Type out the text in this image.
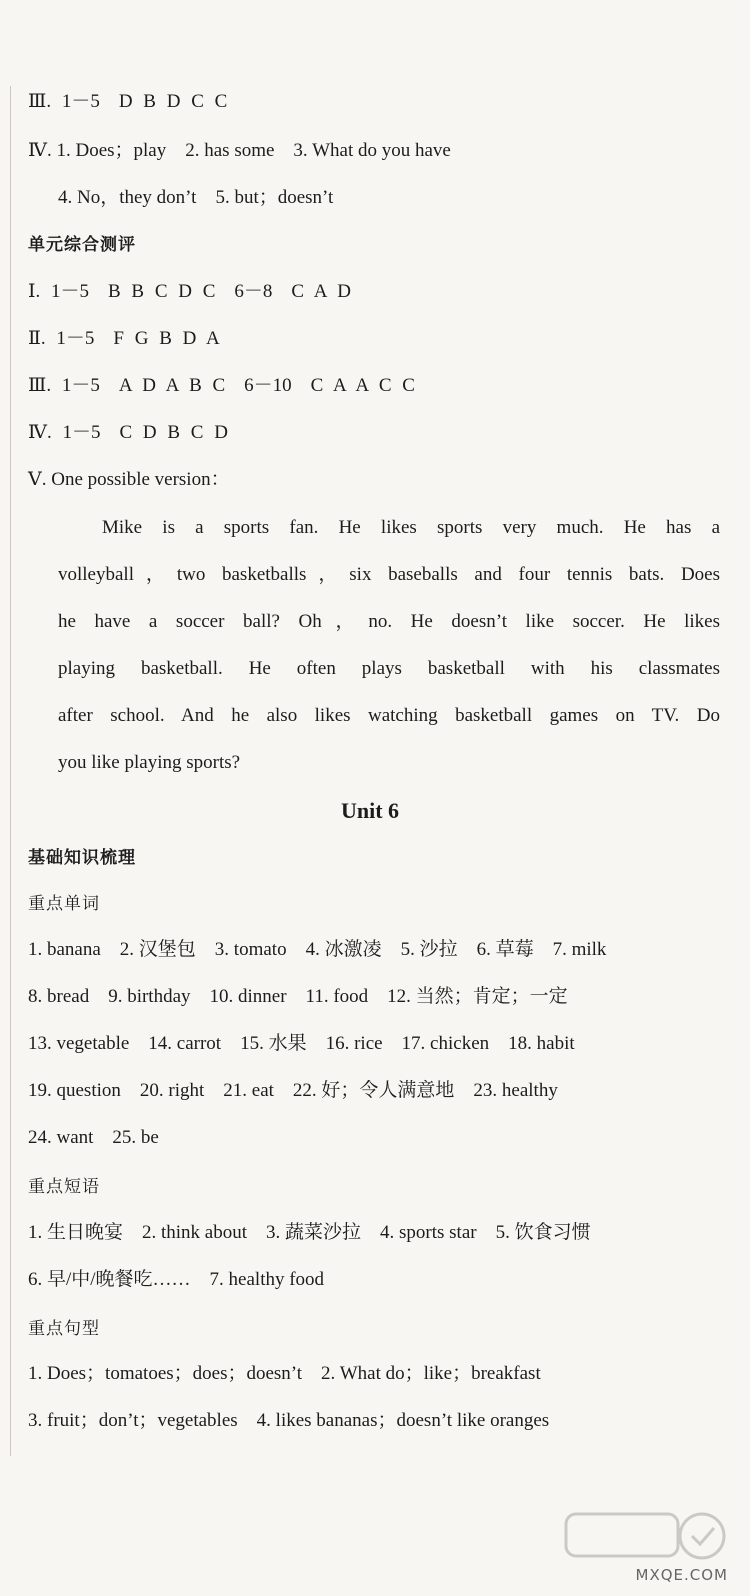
Ⅲ. 1－5　D B D C C
Ⅳ. 1. Does；play　2. has some　3. What do you have
4. No，they don’t　5. but；doesn’t
单元综合测评
Ⅰ. 1－5　B B C D C　6－8　C A D
Ⅱ. 1－5　F G B D A
Ⅲ. 1－5　A D A B C　6－10　C A A C C
Ⅳ. 1－5　C D B C D
Ⅴ. One possible version：
Mike is a sports fan. He likes sports very much. He has a
volleyball，two basketballs，six baseballs and four tennis bats. Does
he have a soccer ball? Oh，no. He doesn’t like soccer. He likes
playing basketball. He often plays basketball with his classmates
after school. And he also likes watching basketball games on TV. Do
you like playing sports?
Unit 6
基础知识梳理
重点单词
1. banana　2. 汉堡包　3. tomato　4. 冰激凌　5. 沙拉　6. 草莓　7. milk
8. bread　9. birthday　10. dinner　11. food　12. 当然；肯定；一定
13. vegetable　14. carrot　15. 水果　16. rice　17. chicken　18. habit
19. question　20. right　21. eat　22. 好；令人满意地　23. healthy
24. want　25. be
重点短语
1. 生日晚宴　2. think about　3. 蔬菜沙拉　4. sports star　5. 饮食习惯
6. 早/中/晚餐吃……　7. healthy food
重点句型
1. Does；tomatoes；does；doesn’t　2. What do；like；breakfast
3. fruit；don’t；vegetables　4. likes bananas；doesn’t like oranges
MXQE.COM
